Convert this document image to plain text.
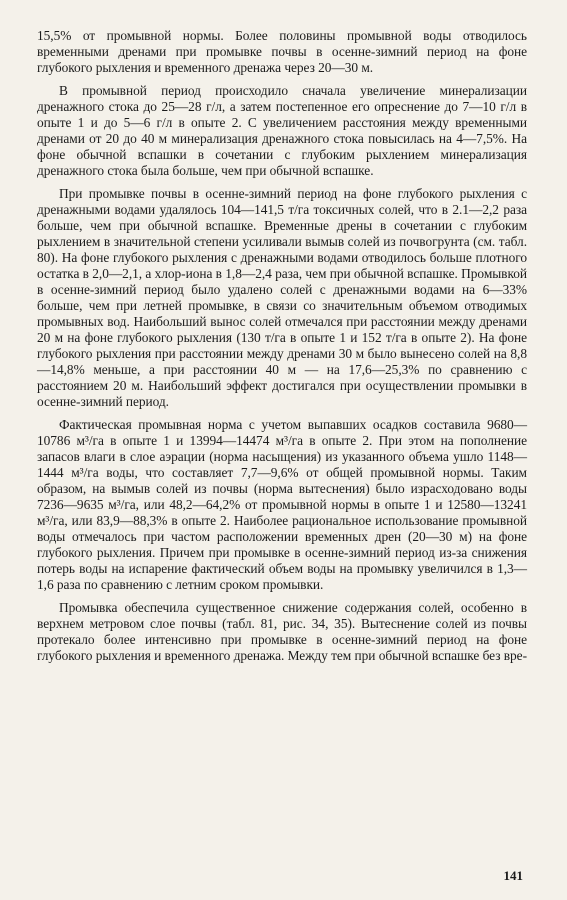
15,5% от промывной нормы. Более половины промывной воды отводилось временными дренами при промывке почвы в осенне-зимний период на фоне глубокого рыхления и временного дренажа через 20—30 м.

В промывной период происходило сначала увеличение минерализации дренажного стока до 25—28 г/л, а затем постепенное его опреснение до 7—10 г/л в опыте 1 и до 5—6 г/л в опыте 2. С увеличением расстояния между временными дренами от 20 до 40 м минерализация дренажного стока повысилась на 4—7,5%. На фоне обычной вспашки в сочетании с глубоким рыхлением минерализация дренажного стока была больше, чем при обычной вспашке.

При промывке почвы в осенне-зимний период на фоне глубокого рыхления с дренажными водами удалялось 104—141,5 т/га токсичных солей, что в 2.1—2,2 раза больше, чем при обычной вспашке. Временные дрены в сочетании с глубоким рыхлением в значительной степени усиливали вымыв солей из почвогрунта (см. табл. 80). На фоне глубокого рыхления с дренажными водами отводилось больше плотного остатка в 2,0—2,1, а хлор-иона в 1,8—2,4 раза, чем при обычной вспашке. Промывкой в осенне-зимний период было удалено солей с дренажными водами на 6—33% больше, чем при летней промывке, в связи со значительным объемом отводимых промывных вод. Наибольший вынос солей отмечался при расстоянии между дренами 20 м на фоне глубокого рыхления (130 т/га в опыте 1 и 152 т/га в опыте 2). На фоне глубокого рыхления при расстоянии между дренами 30 м было вынесено солей на 8,8—14,8% меньше, а при расстоянии 40 м — на 17,6—25,3% по сравнению с расстоянием 20 м. Наибольший эффект достигался при осуществлении промывки в осенне-зимний период.

Фактическая промывная норма с учетом выпавших осадков составила 9680—10786 м³/га в опыте 1 и 13994—14474 м³/га в опыте 2. При этом на пополнение запасов влаги в слое аэрации (норма насыщения) из указанного объема ушло 1148—1444 м³/га воды, что составляет 7,7—9,6% от общей промывной нормы. Таким образом, на вымыв солей из почвы (норма вытеснения) было израсходовано воды 7236—9635 м³/га, или 48,2—64,2% от промывной нормы в опыте 1 и 12580—13241 м³/га, или 83,9—88,3% в опыте 2. Наиболее рациональное использование промывной воды отмечалось при частом расположении временных дрен (20—30 м) на фоне глубокого рыхления. Причем при промывке в осенне-зимний период из-за снижения потерь воды на испарение фактический объем воды на промывку увеличился в 1,3—1,6 раза по сравнению с летним сроком промывки.

Промывка обеспечила существенное снижение содержания солей, особенно в верхнем метровом слое почвы (табл. 81, рис. 34, 35). Вытеснение солей из почвы протекало более интенсивно при промывке в осенне-зимний период на фоне глубокого рыхления и временного дренажа. Между тем при обычной вспашке без вре-

141
